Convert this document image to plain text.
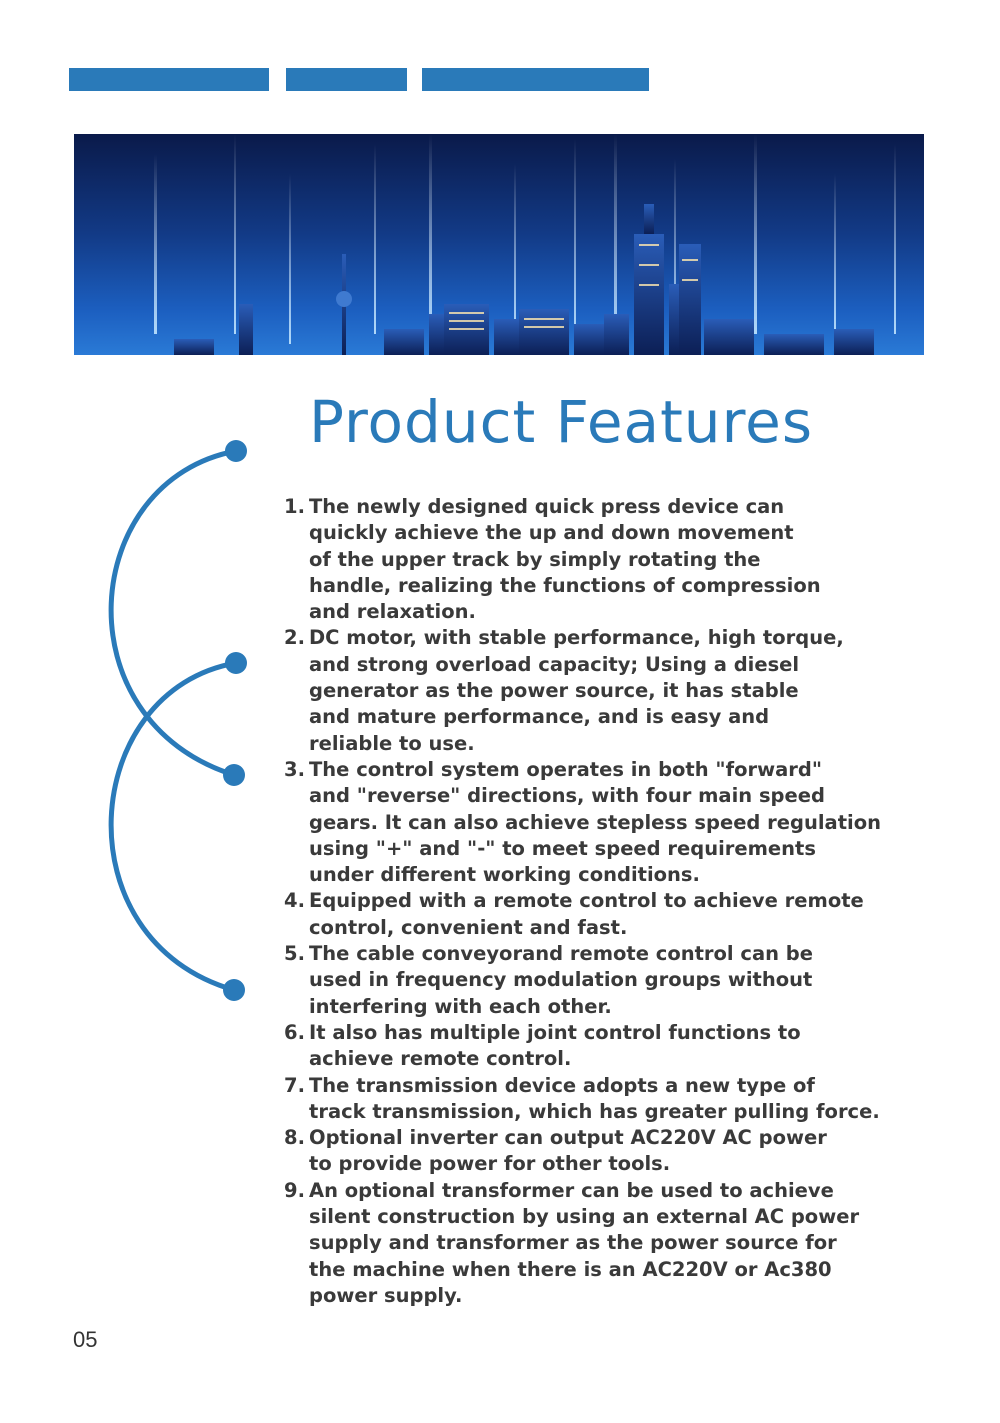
Product Features
1. The newly designed quick press device can
quickly achieve the up and down movement
of the upper track by simply rotating the
handle, realizing the functions of compression
and relaxation.
2. DC motor, with stable performance, high torque,
and strong overload capacity; Using a diesel
generator as the power source, it has stable
and mature performance, and is easy and
reliable to use.
3. The control system operates in both "forward"
and "reverse" directions, with four main speed
gears. It can also achieve stepless speed regulation
using "+" and "-" to meet speed requirements
under different working conditions.
4. Equipped with a remote control to achieve remote
control, convenient and fast.
5. The cable conveyorand remote control can be
used in frequency modulation groups without
interfering with each other.
6. It also has multiple joint control functions to
achieve remote control.
7. The transmission device adopts a new type of
track transmission, which has greater pulling force.
8. Optional inverter can output AC220V AC power
to provide power for other tools.
9. An optional transformer can be used to achieve
silent construction by using an external AC power
supply and transformer as the power source for
the machine when there is an AC220V or Ac380
power supply.
05
